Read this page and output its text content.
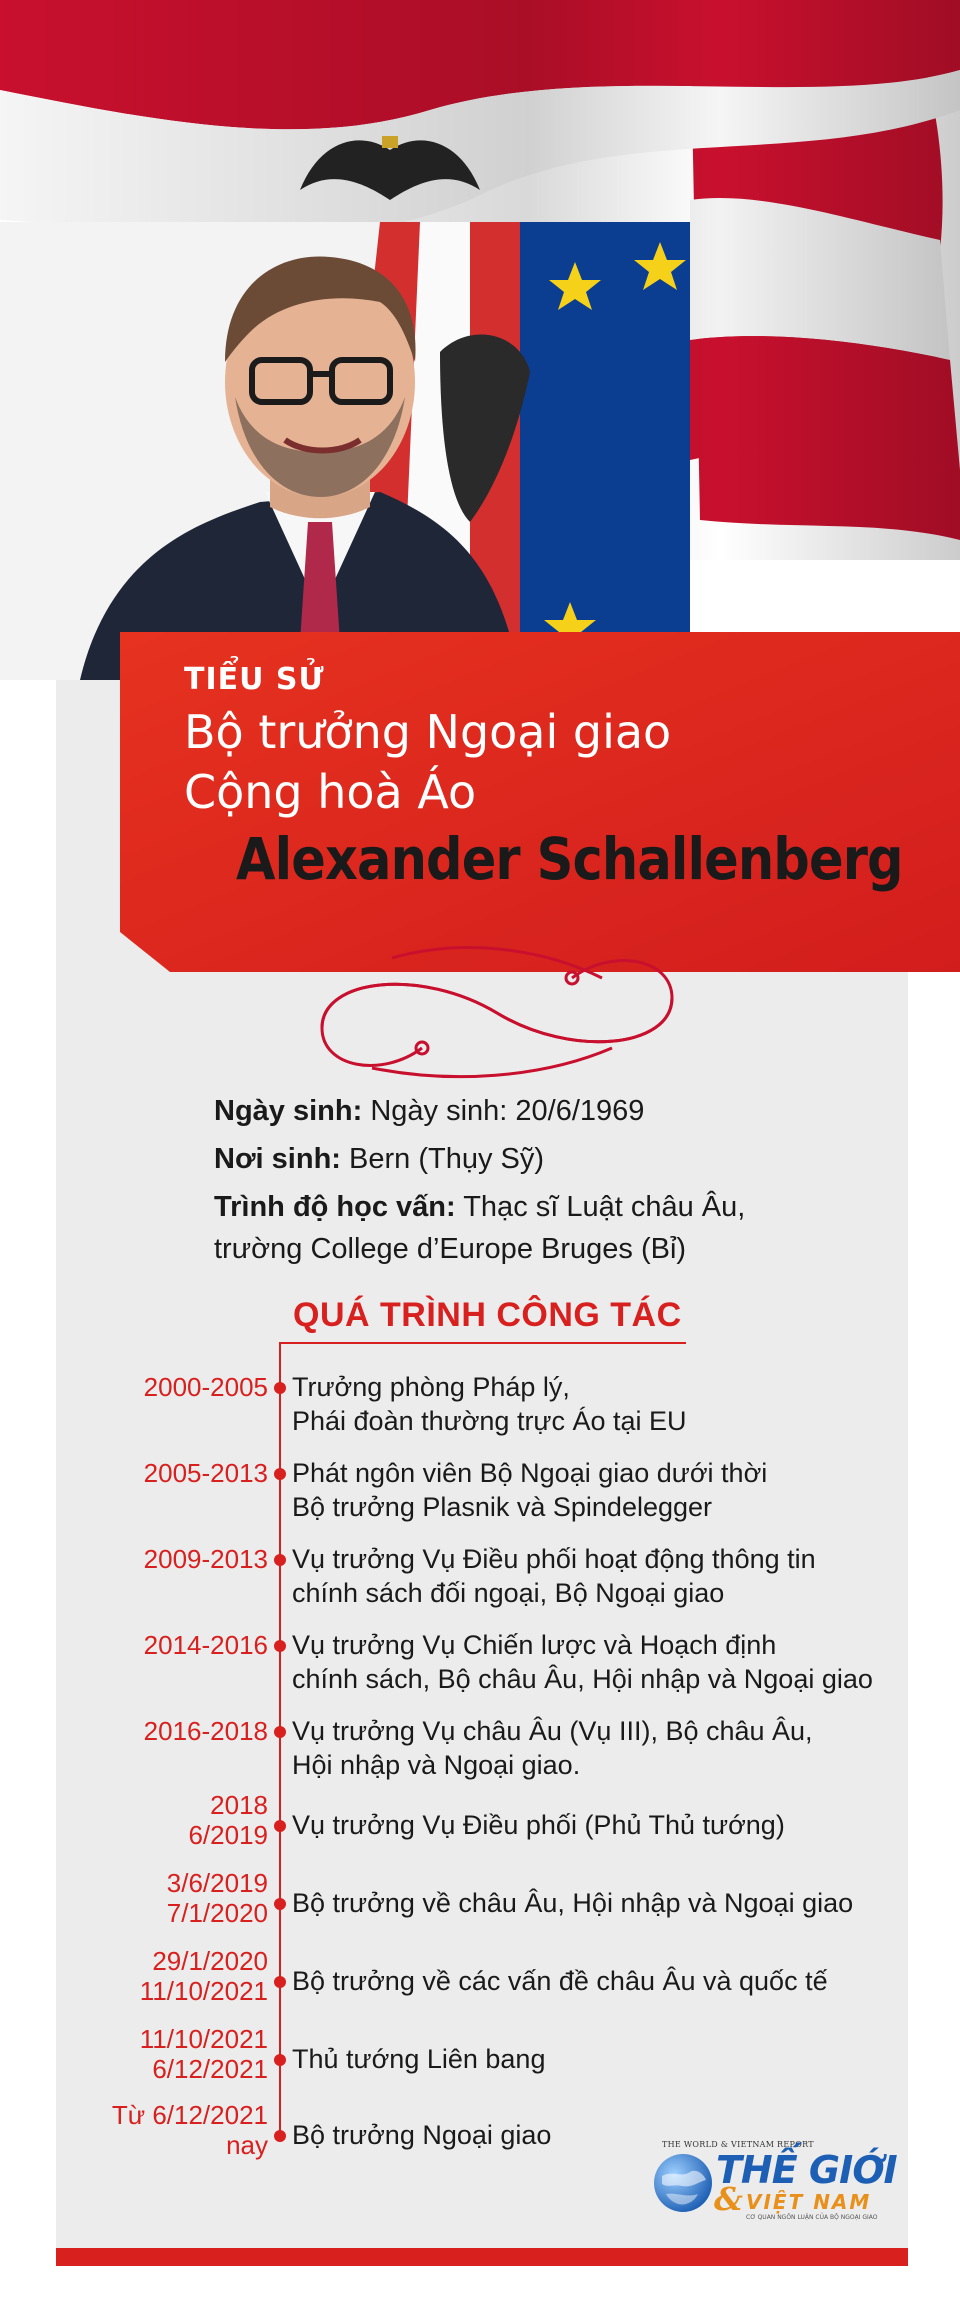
TIỂU SỬ
Bộ trưởng Ngoại giao
Cộng hoà Áo
Alexander Schallenberg
Ngày sinh: Ngày sinh: 20/6/1969
Nơi sinh: Bern (Thụy Sỹ)
Trình độ học vấn: Thạc sĩ Luật châu Âu,
trường College d’Europe Bruges (Bỉ)
QUÁ TRÌNH CÔNG TÁC
2000-2005 Trưởng phòng Pháp lý,
Phái đoàn thường trực Áo tại EU
2005-2013 Phát ngôn viên Bộ Ngoại giao dưới thời
Bộ trưởng Plasnik và Spindelegger
2009-2013 Vụ trưởng Vụ Điều phối hoạt động thông tin
chính sách đối ngoại, Bộ Ngoại giao
2014-2016 Vụ trưởng Vụ Chiến lược và Hoạch định
chính sách, Bộ châu Âu, Hội nhập và Ngoại giao
2016-2018 Vụ trưởng Vụ châu Âu (Vụ III), Bộ châu Âu,
Hội nhập và Ngoại giao.
2018
6/2019 Vụ trưởng Vụ Điều phối (Phủ Thủ tướng)
3/6/2019
7/1/2020 Bộ trưởng về châu Âu, Hội nhập và Ngoại giao
29/1/2020
11/10/2021 Bộ trưởng về các vấn đề châu Âu và quốc tế
11/10/2021
6/12/2021 Thủ tướng Liên bang
Từ 6/12/2021
nay Bộ trưởng Ngoại giao	THE WORLD & VIETNAM REPORT
THẾ GIỚI
& VIỆT NAM
CƠ QUAN NGÔN LUẬN CỦA BỘ NGOẠI GIAO
